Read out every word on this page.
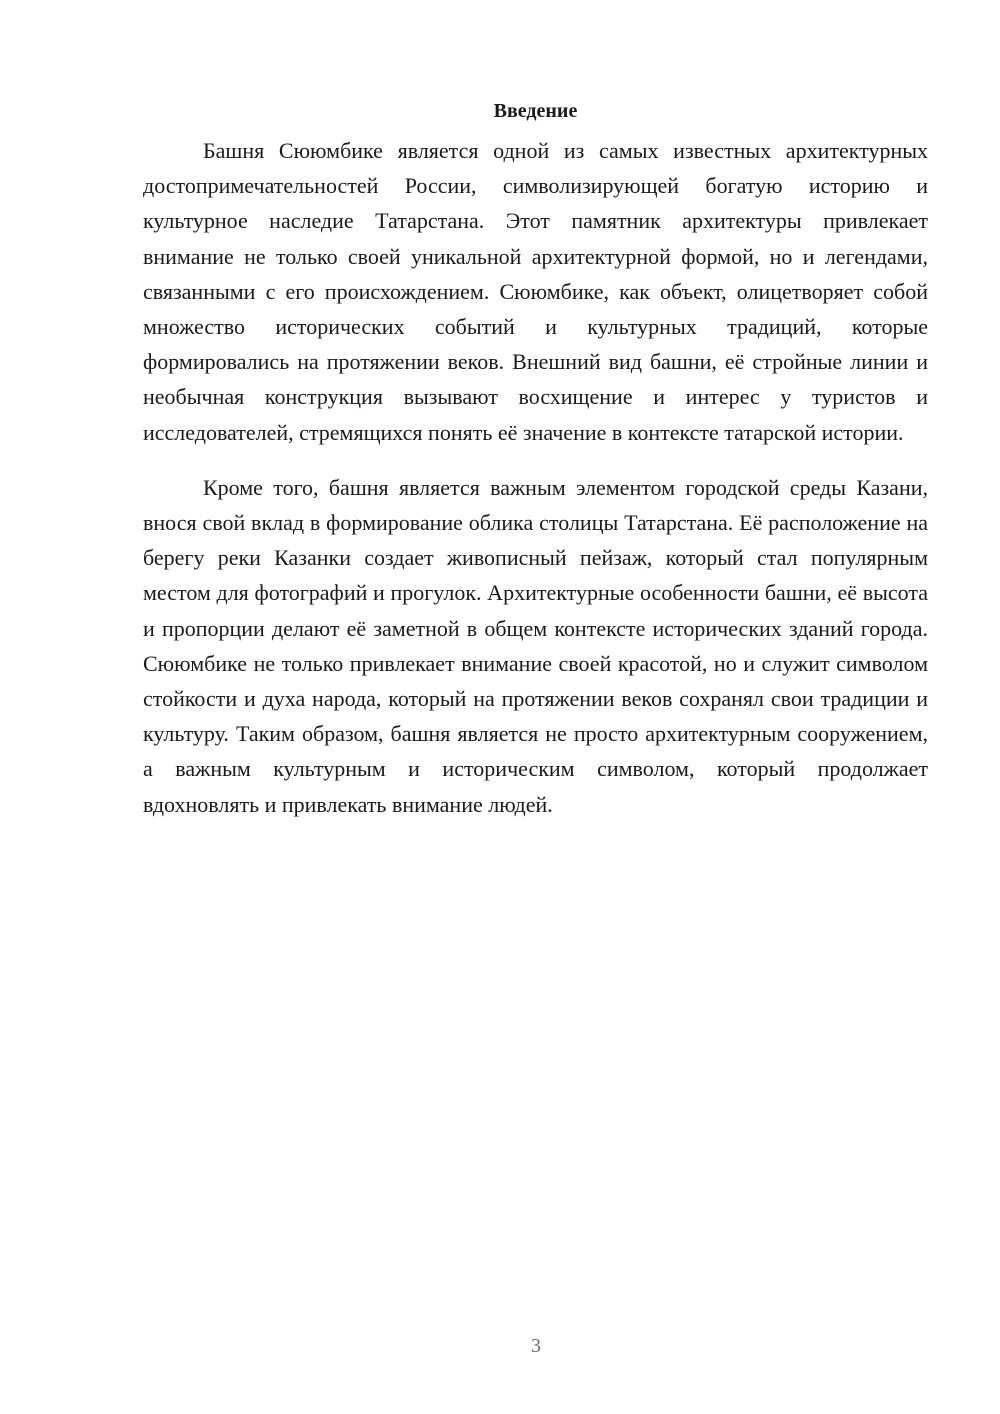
Введение

Башня Сююмбике является одной из самых известных архитектурных достопримечательностей России, символизирующей богатую историю и культурное наследие Татарстана. Этот памятник архитектуры привлекает внимание не только своей уникальной архитектурной формой, но и легендами, связанными с его происхождением. Сююмбике, как объект, олицетворяет собой множество исторических событий и культурных традиций, которые формировались на протяжении веков. Внешний вид башни, её стройные линии и необычная конструкция вызывают восхищение и интерес у туристов и исследователей, стремящихся понять её значение в контексте татарской истории.

Кроме того, башня является важным элементом городской среды Казани, внося свой вклад в формирование облика столицы Татарстана. Её расположение на берегу реки Казанки создает живописный пейзаж, который стал популярным местом для фотографий и прогулок. Архитектурные особенности башни, её высота и пропорции делают её заметной в общем контексте исторических зданий города. Сююмбике не только привлекает внимание своей красотой, но и служит символом стойкости и духа народа, который на протяжении веков сохранял свои традиции и культуру. Таким образом, башня является не просто архитектурным сооружением, а важным культурным и историческим символом, который продолжает вдохновлять и привлекать внимание людей.

3
